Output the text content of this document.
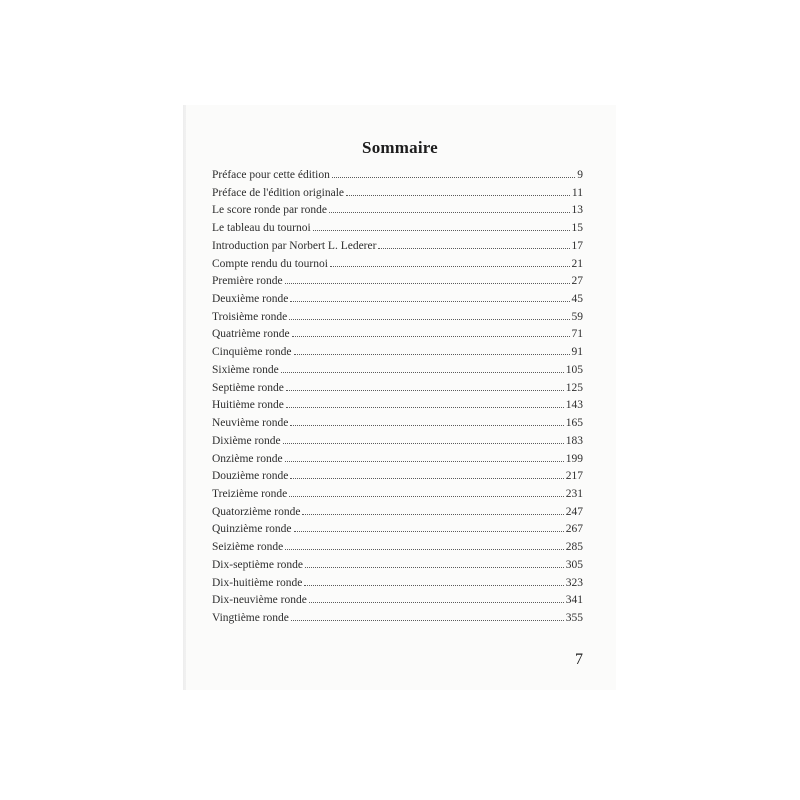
Sommaire
Préface pour cette édition	9
Préface de l'édition originale	11
Le score ronde par ronde	13
Le tableau du tournoi	15
Introduction par Norbert L. Lederer	17
Compte rendu du tournoi	21
Première ronde	27
Deuxième ronde	45
Troisième ronde	59
Quatrième ronde	71
Cinquième ronde	91
Sixième ronde	105
Septième ronde	125
Huitième ronde	143
Neuvième ronde	165
Dixième ronde	183
Onzième ronde	199
Douzième ronde	217
Treizième ronde	231
Quatorzième ronde	247
Quinzième ronde	267
Seizième ronde	285
Dix-septième ronde	305
Dix-huitième ronde	323
Dix-neuvième ronde	341
Vingtième ronde	355
7
